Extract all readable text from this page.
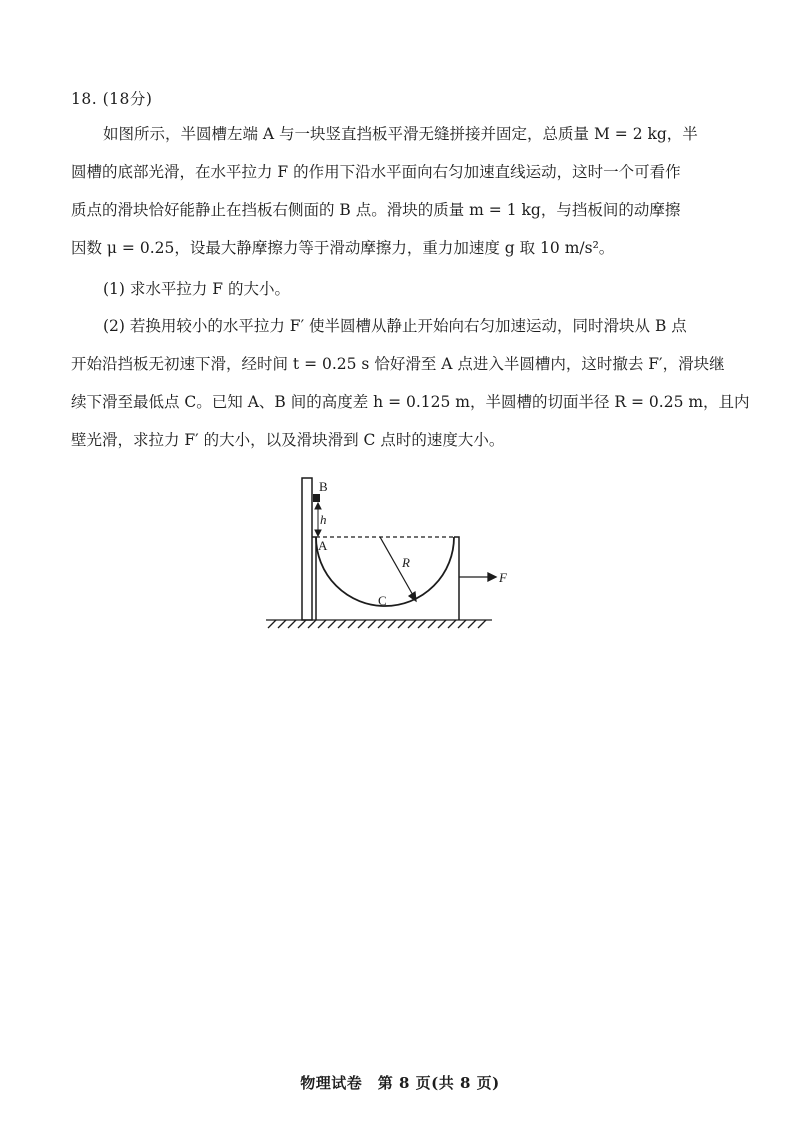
18. (18分)
如图所示，半圆槽左端 A 与一块竖直挡板平滑无缝拼接并固定，总质量 M = 2 kg，半
圆槽的底部光滑，在水平拉力 F 的作用下沿水平面向右匀加速直线运动，这时一个可看作
质点的滑块恰好能静止在挡板右侧面的 B 点。滑块的质量 m = 1 kg，与挡板间的动摩擦
因数 μ = 0.25，设最大静摩擦力等于滑动摩擦力，重力加速度 g 取 10 m/s²。
(1) 求水平拉力 F 的大小。
(2) 若换用较小的水平拉力 F′ 使半圆槽从静止开始向右匀加速运动，同时滑块从 B 点
开始沿挡板无初速下滑，经时间 t = 0.25 s 恰好滑至 A 点进入半圆槽内，这时撤去 F′，滑块继
续下滑至最低点 C。已知 A、B 间的高度差 h = 0.125 m，半圆槽的切面半径 R = 0.25 m，且内
壁光滑，求拉力 F′ 的大小，以及滑块滑到 C 点时的速度大小。
B
h
A
R
C
F
物理试卷　第 8 页(共 8 页)
